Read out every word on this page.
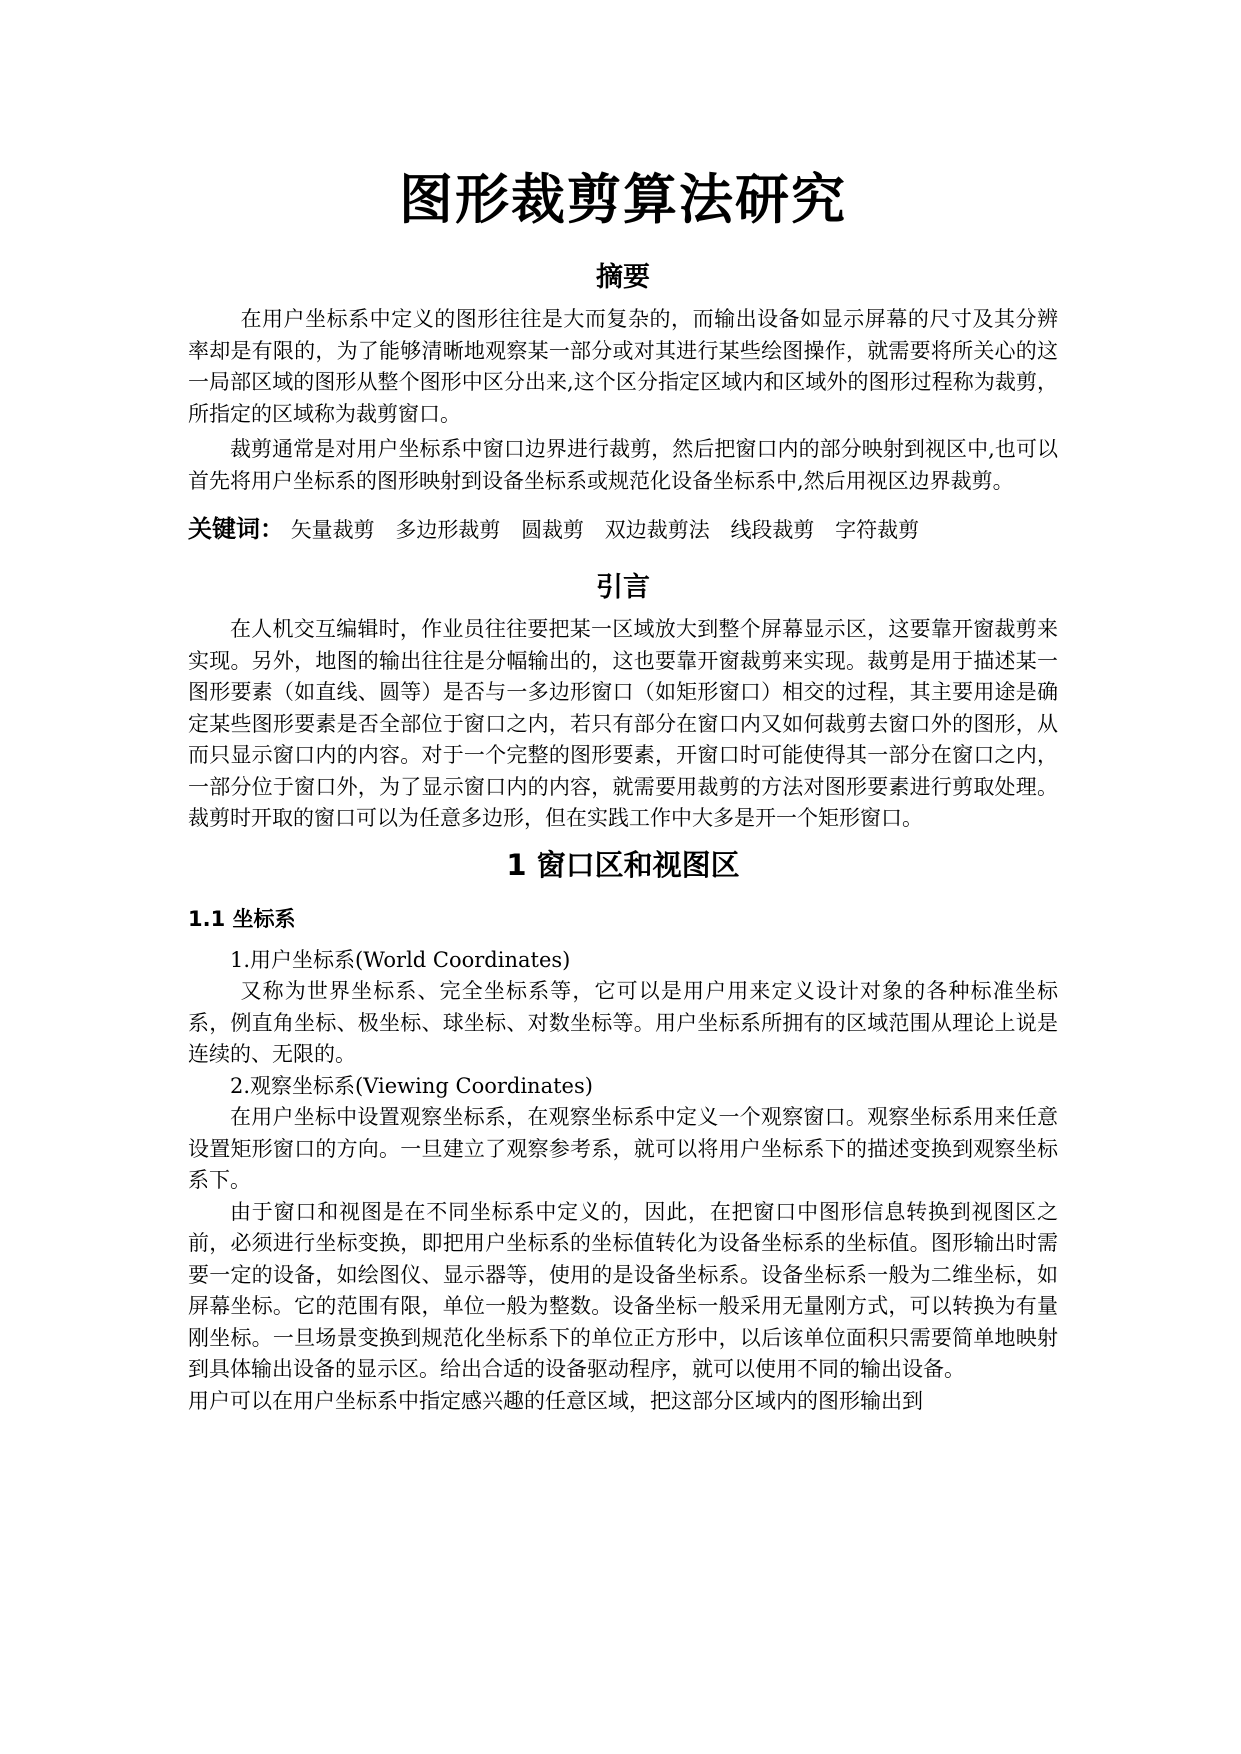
图形裁剪算法研究
摘要

在用户坐标系中定义的图形往往是大而复杂的，而输出设备如显示屏幕的尺寸及其分辨率却是有限的，为了能够清晰地观察某一部分或对其进行某些绘图操作，就需要将所关心的这一局部区域的图形从整个图形中区分出来,这个区分指定区域内和区域外的图形过程称为裁剪，所指定的区域称为裁剪窗口。

裁剪通常是对用户坐标系中窗口边界进行裁剪，然后把窗口内的部分映射到视区中,也可以首先将用户坐标系的图形映射到设备坐标系或规范化设备坐标系中,然后用视区边界裁剪。

关键词： 矢量裁剪 多边形裁剪 圆裁剪 双边裁剪法 线段裁剪 字符裁剪
引言

在人机交互编辑时，作业员往往要把某一区域放大到整个屏幕显示区，这要靠开窗裁剪来实现。另外，地图的输出往往是分幅输出的，这也要靠开窗裁剪来实现。裁剪是用于描述某一图形要素（如直线、圆等）是否与一多边形窗口（如矩形窗口）相交的过程，其主要用途是确定某些图形要素是否全部位于窗口之内，若只有部分在窗口内又如何裁剪去窗口外的图形，从而只显示窗口内的内容。对于一个完整的图形要素，开窗口时可能使得其一部分在窗口之内，一部分位于窗口外，为了显示窗口内的内容，就需要用裁剪的方法对图形要素进行剪取处理。裁剪时开取的窗口可以为任意多边形，但在实践工作中大多是开一个矩形窗口。

1 窗口区和视图区
1.1 坐标系

1.用户坐标系(World Coordinates)

又称为世界坐标系、完全坐标系等，它可以是用户用来定义设计对象的各种标准坐标系，例直角坐标、极坐标、球坐标、对数坐标等。用户坐标系所拥有的区域范围从理论上说是连续的、无限的。

2.观察坐标系(Viewing Coordinates)

在用户坐标中设置观察坐标系，在观察坐标系中定义一个观察窗口。观察坐标系用来任意设置矩形窗口的方向。一旦建立了观察参考系，就可以将用户坐标系下的描述变换到观察坐标系下。

由于窗口和视图是在不同坐标系中定义的，因此，在把窗口中图形信息转换到视图区之前，必须进行坐标变换，即把用户坐标系的坐标值转化为设备坐标系的坐标值。图形输出时需要一定的设备，如绘图仪、显示器等，使用的是设备坐标系。设备坐标系一般为二维坐标，如屏幕坐标。它的范围有限，单位一般为整数。设备坐标一般采用无量刚方式，可以转换为有量刚坐标。一旦场景变换到规范化坐标系下的单位正方形中，以后该单位面积只需要简单地映射到具体输出设备的显示区。给出合适的设备驱动程序，就可以使用不同的输出设备。

用户可以在用户坐标系中指定感兴趣的任意区域，把这部分区域内的图形输出到
